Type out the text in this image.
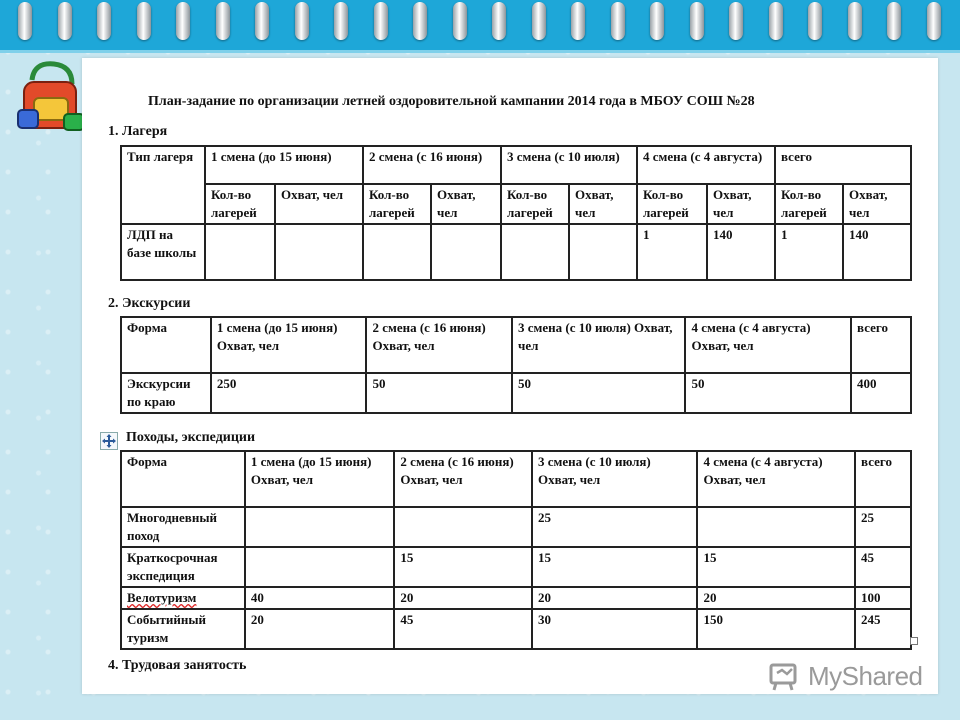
План-задание по организации летней оздоровительной кампании 2014 года в МБОУ СОШ №28
1. Лагеря
Тип лагеря	1 смена (до 15 июня)		2 смена (с 16 июня)		3 смена (с 10 июля)		4 смена (с 4 августа)		всего	
	Кол-во лагерей	Охват, чел	Кол-во лагерей	Охват, чел	Кол-во лагерей	Охват, чел	Кол-во лагерей	Охват, чел	Кол-во лагерей	Охват, чел
ЛДП на базе школы							1	140	1	140
2. Экскурсии
Форма	1 смена (до 15 июня) Охват, чел	2 смена (с 16 июня) Охват, чел	3 смена (с 10 июля) Охват, чел	4 смена (с 4 августа) Охват, чел	всего
Экскурсии по краю	250	50	50	50	400
Походы, экспедиции
Форма	1 смена (до 15 июня) Охват, чел	2 смена (с 16 июня) Охват, чел	3 смена (с 10 июля) Охват, чел	4 смена (с 4 августа) Охват, чел	всего
Многодневный поход			25		25
Краткосрочная экспедиция		15	15	15	45
Велотуризм	40	20	20	20	100
Событийный туризм	20	45	30	150	245
4. Трудовая занятость	MyShared
